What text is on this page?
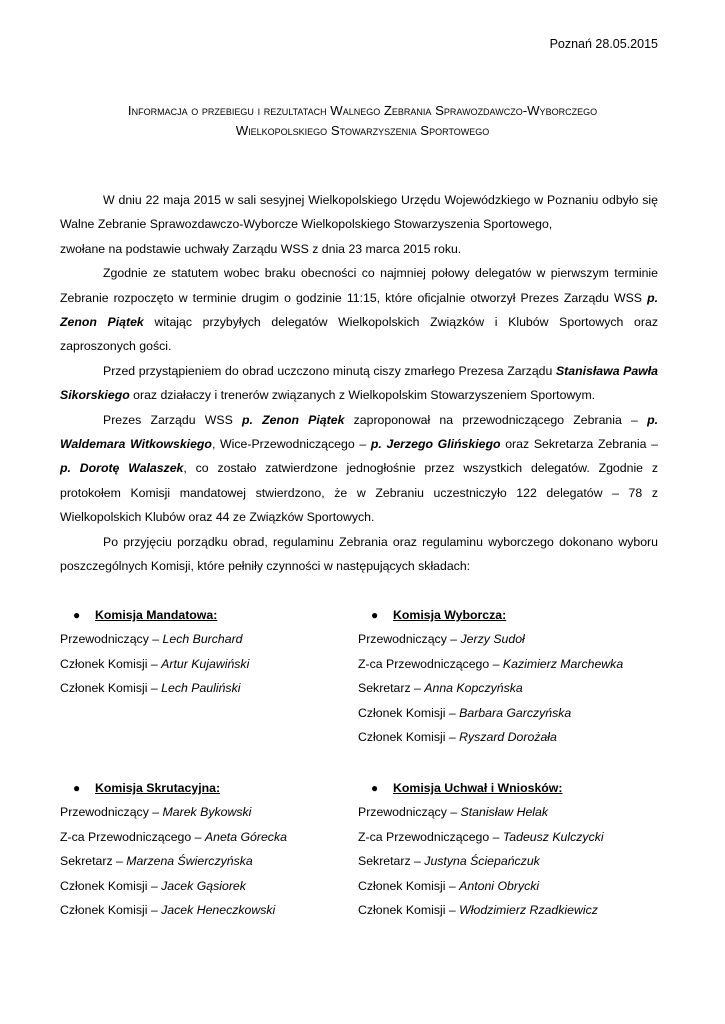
Poznań 28.05.2015
Informacja o przebiegu i rezultatach Walnego Zebrania Sprawozdawczo-Wyborczego
Wielkopolskiego Stowarzyszenia Sportowego

W dniu 22 maja 2015 w sali sesyjnej Wielkopolskiego Urzędu Wojewódzkiego w Poznaniu odbyło się Walne Zebranie Sprawozdawczo-Wyborcze Wielkopolskiego Stowarzyszenia Sportowego,

zwołane na podstawie uchwały Zarządu WSS z dnia 23 marca 2015 roku.

Zgodnie ze statutem wobec braku obecności co najmniej połowy delegatów w pierwszym terminie Zebranie rozpoczęto w terminie drugim o godzinie 11:15, które oficjalnie otworzył Prezes Zarządu WSS p. Zenon Piątek witając przybyłych delegatów Wielkopolskich Związków i Klubów Sportowych oraz zaproszonych gości.

Przed przystąpieniem do obrad uczczono minutą ciszy zmarłego Prezesa Zarządu Stanisława Pawła Sikorskiego oraz działaczy i trenerów związanych z Wielkopolskim Stowarzyszeniem Sportowym.

Prezes Zarządu WSS p. Zenon Piątek zaproponował na przewodniczącego Zebrania – p. Waldemara Witkowskiego, Wice-Przewodniczącego – p. Jerzego Glińskiego oraz Sekretarza Zebrania – p. Dorotę Walaszek, co zostało zatwierdzone jednogłośnie przez wszystkich delegatów. Zgodnie z protokołem Komisji mandatowej stwierdzono, że w Zebraniu uczestniczyło 122 delegatów – 78 z Wielkopolskich Klubów oraz 44 ze Związków Sportowych.

Po przyjęciu porządku obrad, regulaminu Zebrania oraz regulaminu wyborczego dokonano wyboru poszczególnych Komisji, które pełniły czynności w następujących składach:

● Komisja Mandatowa:
Przewodniczący – Lech Burchard
Członek Komisji – Artur Kujawiński
Członek Komisji – Lech Pauliński
● Komisja Wyborcza:
Przewodniczący – Jerzy Sudoł
Z-ca Przewodniczącego – Kazimierz Marchewka
Sekretarz – Anna Kopczyńska
Członek Komisji – Barbara Garczyńska
Członek Komisji – Ryszard Dorożała
● Komisja Skrutacyjna:
Przewodniczący – Marek Bykowski
Z-ca Przewodniczącego – Aneta Górecka
Sekretarz – Marzena Świerczyńska
Członek Komisji – Jacek Gąsiorek
Członek Komisji – Jacek Heneczkowski
● Komisja Uchwał i Wniosków:
Przewodniczący – Stanisław Helak
Z-ca Przewodniczącego – Tadeusz Kulczycki
Sekretarz – Justyna Ściepańczuk
Członek Komisji – Antoni Obrycki
Członek Komisji – Włodzimierz Rzadkiewicz
